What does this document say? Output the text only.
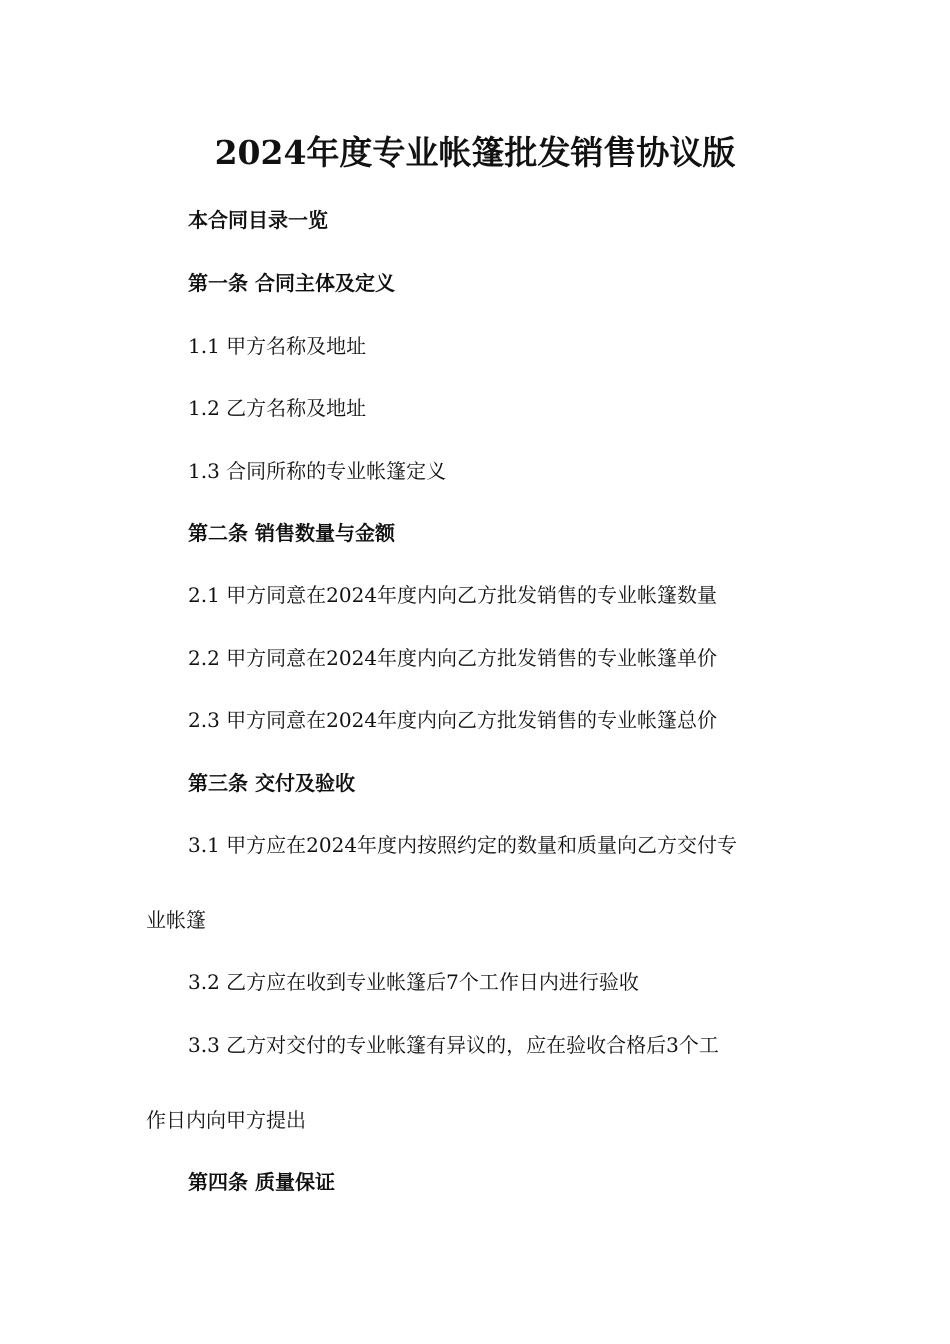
2024年度专业帐篷批发销售协议版

本合同目录一览

第一条 合同主体及定义

1.1 甲方名称及地址

1.2 乙方名称及地址

1.3 合同所称的专业帐篷定义

第二条 销售数量与金额

2.1 甲方同意在2024年度内向乙方批发销售的专业帐篷数量

2.2 甲方同意在2024年度内向乙方批发销售的专业帐篷单价

2.3 甲方同意在2024年度内向乙方批发销售的专业帐篷总价

第三条 交付及验收

3.1 甲方应在2024年度内按照约定的数量和质量向乙方交付专

业帐篷

3.2 乙方应在收到专业帐篷后7个工作日内进行验收

3.3 乙方对交付的专业帐篷有异议的，应在验收合格后3个工

作日内向甲方提出

第四条 质量保证
